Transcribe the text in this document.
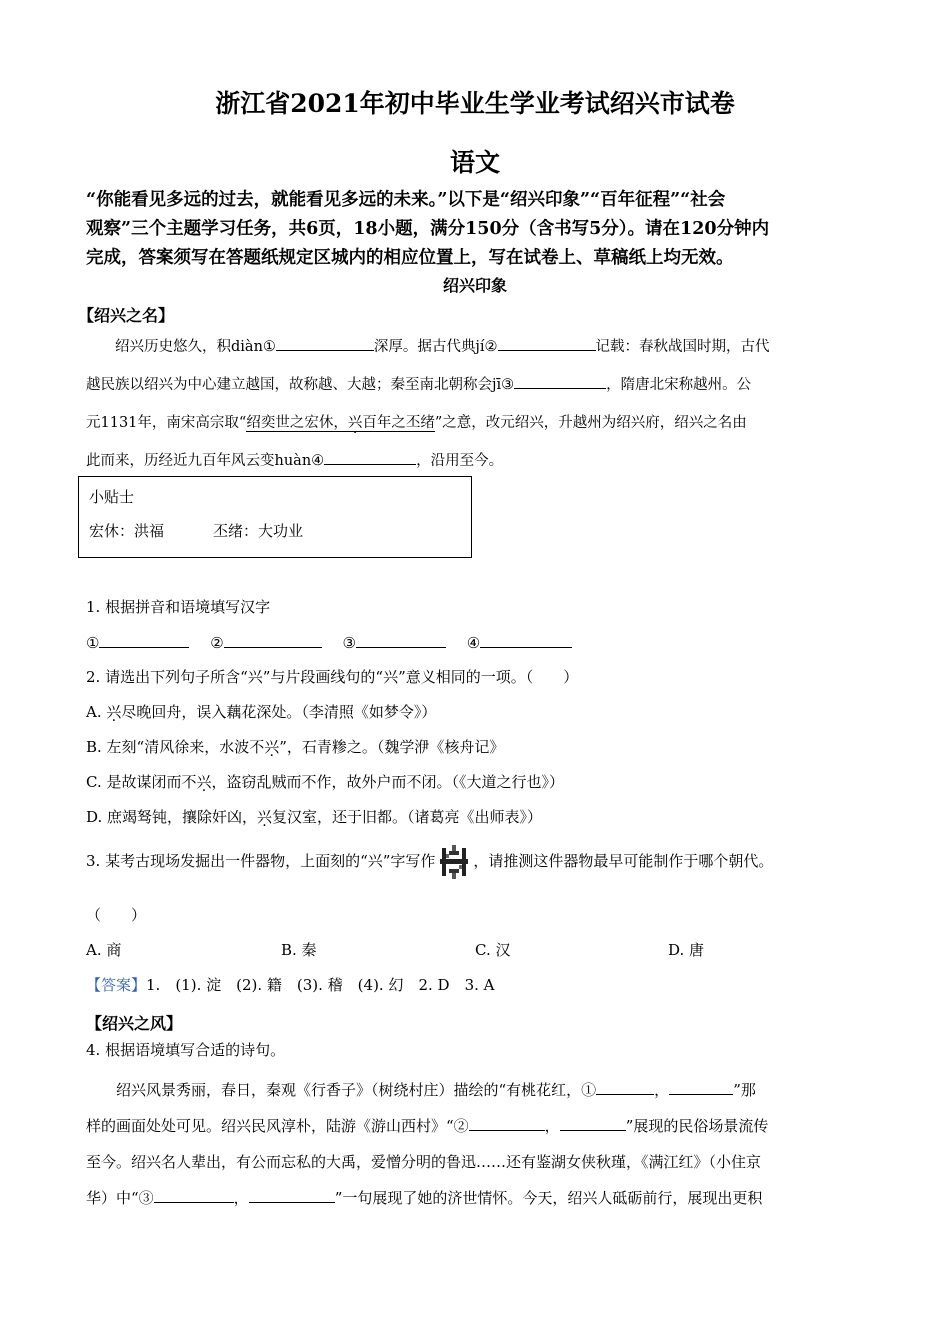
浙江省2021年初中毕业生学业考试绍兴市试卷
语文

“你能看见多远的过去，就能看见多远的未来。”以下是“绍兴印象”“百年征程”“社会

观察”三个主题学习任务，共6页，18小题，满分150分（含书写5分）。请在120分钟内

完成，答案须写在答题纸规定区城内的相应位置上，写在试卷上、草稿纸上均无效。

绍兴印象
【绍兴之名】

绍兴历史悠久，积diàn①	深厚。据古代典jí②	记载：春秋战国时期，古代

越民族以绍兴为中心建立越国，故称越、大越；秦至南北朝称会jī③	，隋唐北宋称越州。公

元1131年，南宋高宗取“绍奕世之宏休，兴百年之丕绪”之意，改元绍兴，升越州为绍兴府，绍兴之名由

此而来，历经近九百年风云变huàn④	，沿用至今。

小贴士
宏休：洪福	丕绪：大功业
1. 根据拼音和语境填写汉字
①	②	③	④
2. 请选出下列句子所含“兴”与片段画线句的“兴”意义相同的一项。（　　）
A. 兴尽晚回舟，误入藕花深处。（李清照《如梦令》）
B. 左刻“清风徐来，水波不兴”，石青糁之。（魏学洢《核舟记》
C. 是故谋闭而不兴，盗窃乱贼而不作，故外户而不闭。（《大道之行也》）
D. 庶竭驽钝，攘除奸凶，兴复汉室，还于旧都。（诸葛亮《出师表》）
3. 某考古现场发掘出一件器物，上面刻的“兴”字写作	，请推测这件器物最早可能制作于哪个朝代。
（　　）
A. 商	B. 秦	C. 汉	D. 唐
【答案】1.　(1). 淀　(2). 籍　(3). 稽　(4). 幻　2. D　3. A
【绍兴之风】
4. 根据语境填写合适的诗句。

绍兴风景秀丽，春日，秦观《行香子》（树绕村庄）描绘的“有桃花红，①	，	”那

样的画面处处可见。绍兴民风淳朴，陆游《游山西村》“②	，	”展现的民俗场景流传

至今。绍兴名人辈出，有公而忘私的大禹，爱憎分明的鲁迅……还有鉴湖女侠秋瑾，《满江红》（小住京

华）中“③	，	”一句展现了她的济世情怀。今天，绍兴人砥砺前行，展现出更积
